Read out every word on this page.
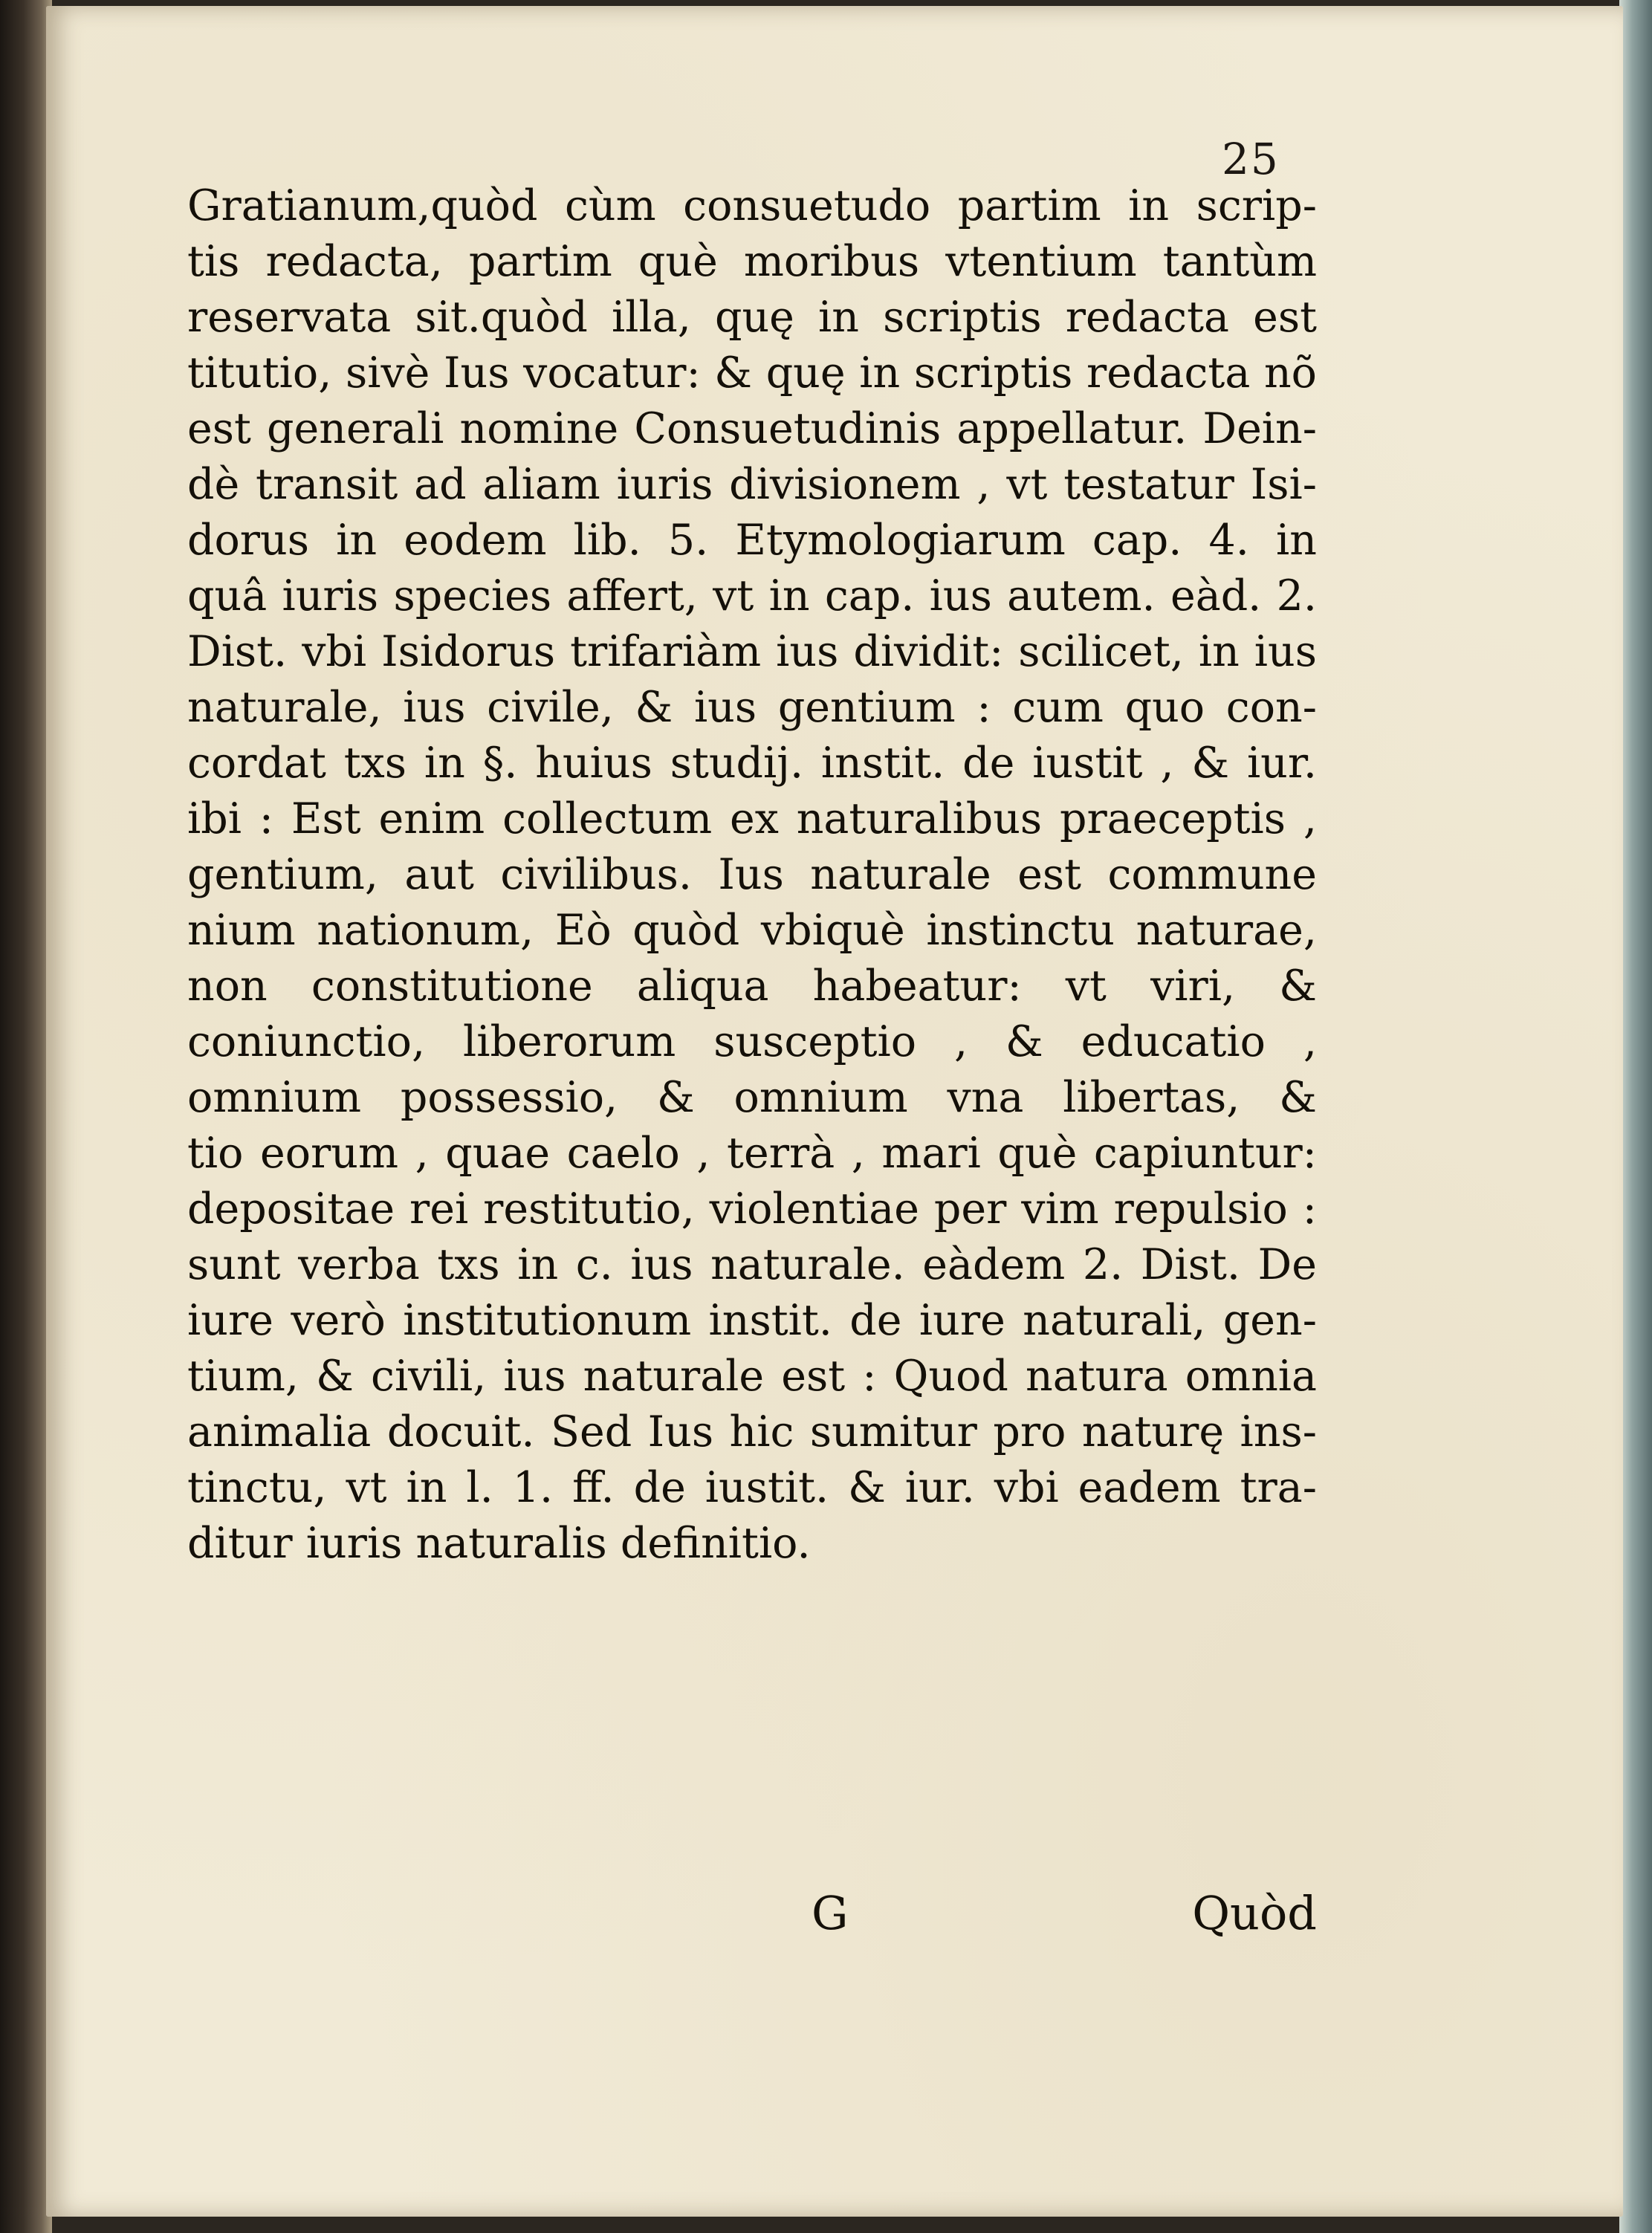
25
Gratianum,quòd cùm consuetudo partim in scrip-
tis redacta, partim què moribus vtentium tantùm
reservata sit.quòd illa, quę in scriptis redacta est
titutio, sivè Ius vocatur: & quę in scriptis redacta nõ
est generali nomine Consuetudinis appellatur. Dein-
dè transit ad aliam iuris divisionem , vt testatur Isi-
dorus in eodem lib. 5. Etymologiarum cap. 4. in
quâ iuris species affert, vt in cap. ius autem. eàd. 2.
Dist. vbi Isidorus trifariàm ius dividit: scilicet, in ius
naturale, ius civile, & ius gentium : cum quo con-
cordat txs in §. huius studij. instit. de iustit , & iur.
ibi : Est enim collectum ex naturalibus praeceptis ,
gentium, aut civilibus. Ius naturale est commune
nium nationum, Eò quòd vbiquè instinctu naturae,
non constitutione aliqua habeatur: vt viri, &
coniunctio, liberorum susceptio , & educatio ,
omnium possessio, & omnium vna libertas, &
tio eorum , quae caelo , terrà , mari què capiuntur:
depositae rei restitutio, violentiae per vim repulsio :
sunt verba txs in c. ius naturale. eàdem 2. Dist. De
iure verò institutionum instit. de iure naturali, gen-
tium, & civili, ius naturale est : Quod natura omnia
animalia docuit. Sed Ius hic sumitur pro naturę ins-
tinctu, vt in l. 1. ff. de iustit. & iur. vbi eadem tra-
ditur iuris naturalis definitio.
G	Quòd
